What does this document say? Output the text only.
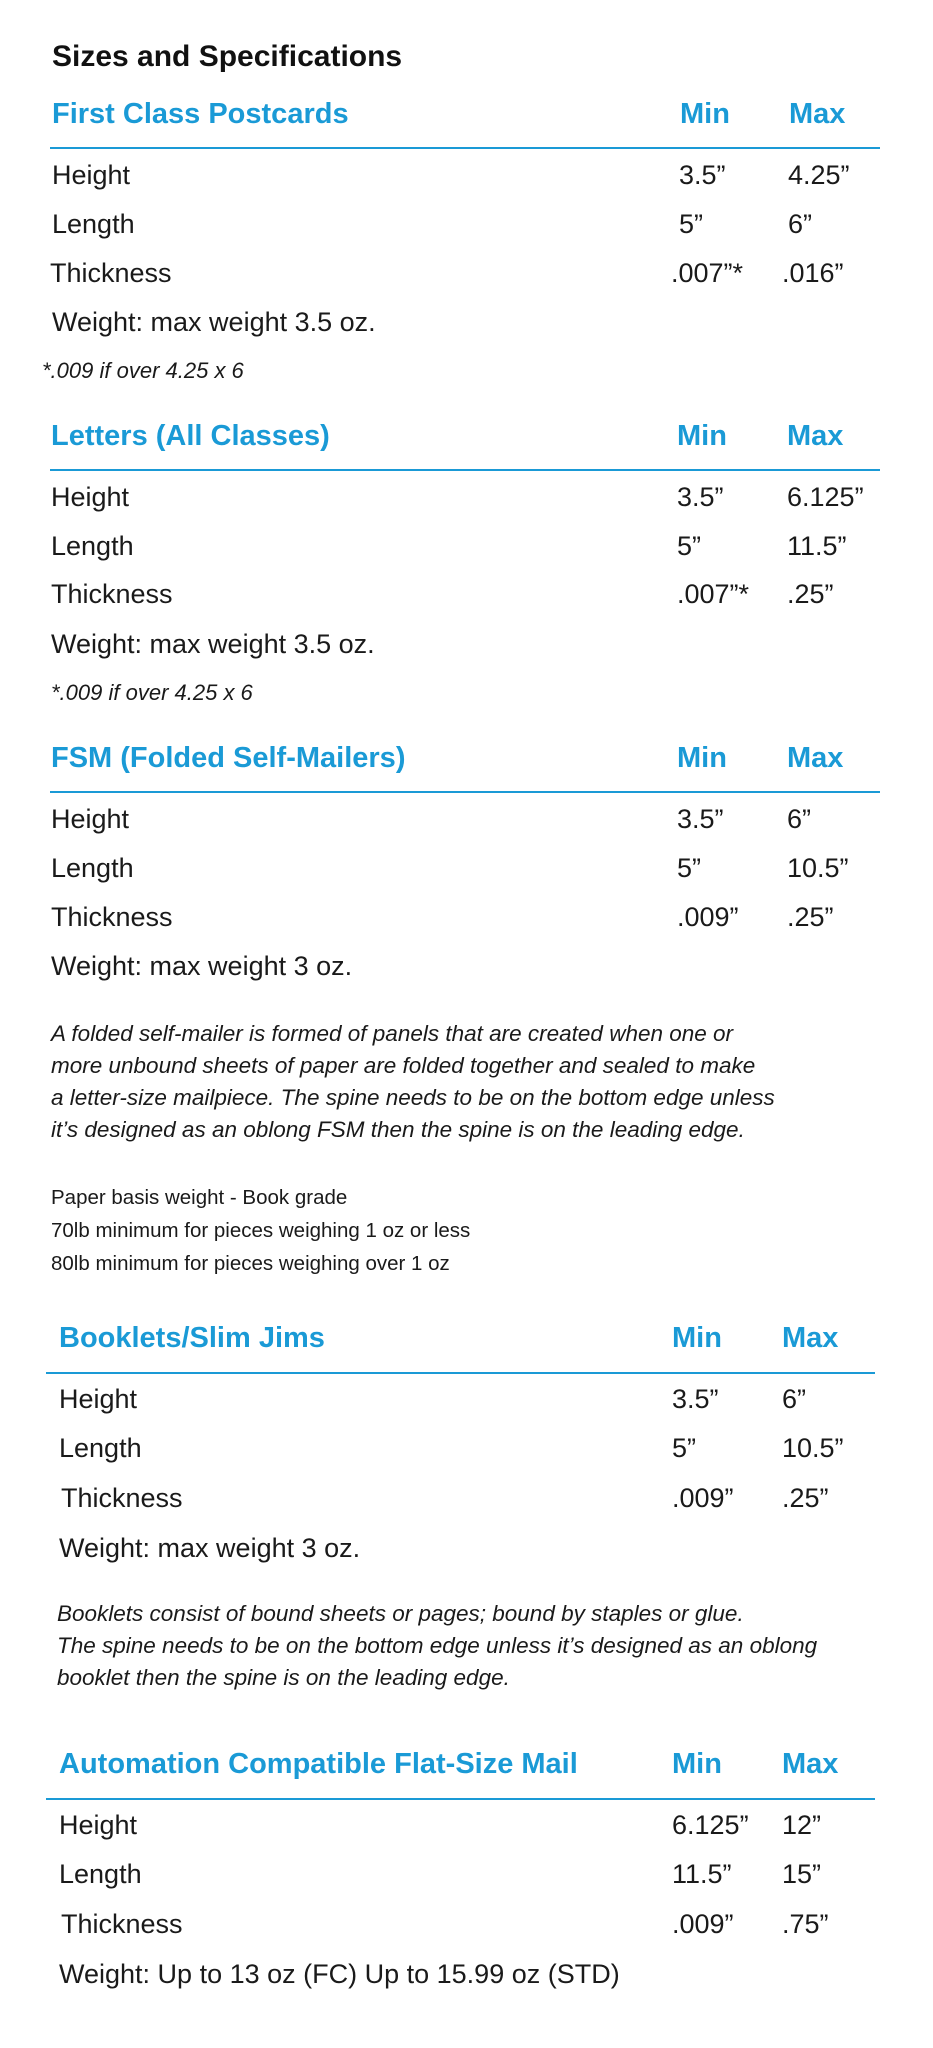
Sizes and Specifications
First Class Postcards	Min Max
Height	3.5” 4.25”
Length	5”	6”
Thickness	.007”* .016”
Weight: max weight 3.5 oz.
*.009 if over 4.25 x 6
Letters (All Classes)	Min Max
Height	3.5” 6.125”
Length	5”	11.5”
Thickness	.007”* .25”
Weight: max weight 3.5 oz.
*.009 if over 4.25 x 6
FSM (Folded Self-Mailers)	Min Max
Height	3.5” 6”
Length	5”	10.5”
Thickness	.009” .25”
Weight: max weight 3 oz.
A folded self-mailer is formed of panels that are created when one or
more unbound sheets of paper are folded together and sealed to make
a letter-size mailpiece. The spine needs to be on the bottom edge unless
it’s designed as an oblong FSM then the spine is on the leading edge.
Paper basis weight - Book grade
70lb minimum for pieces weighing 1 oz or less
80lb minimum for pieces weighing over 1 oz
Booklets/Slim Jims	Min Max
Height	3.5” 6”
Length	5”	10.5”
Thickness	.009” .25”
Weight: max weight 3 oz.
Booklets consist of bound sheets or pages; bound by staples or glue.
The spine needs to be on the bottom edge unless it’s designed as an oblong
booklet then the spine is on the leading edge.
Automation Compatible Flat-Size Mail	Min Max
Height	6.125” 12”
Length	11.5” 15”
Thickness	.009” .75”
Weight: Up to 13 oz (FC) Up to 15.99 oz (STD)
